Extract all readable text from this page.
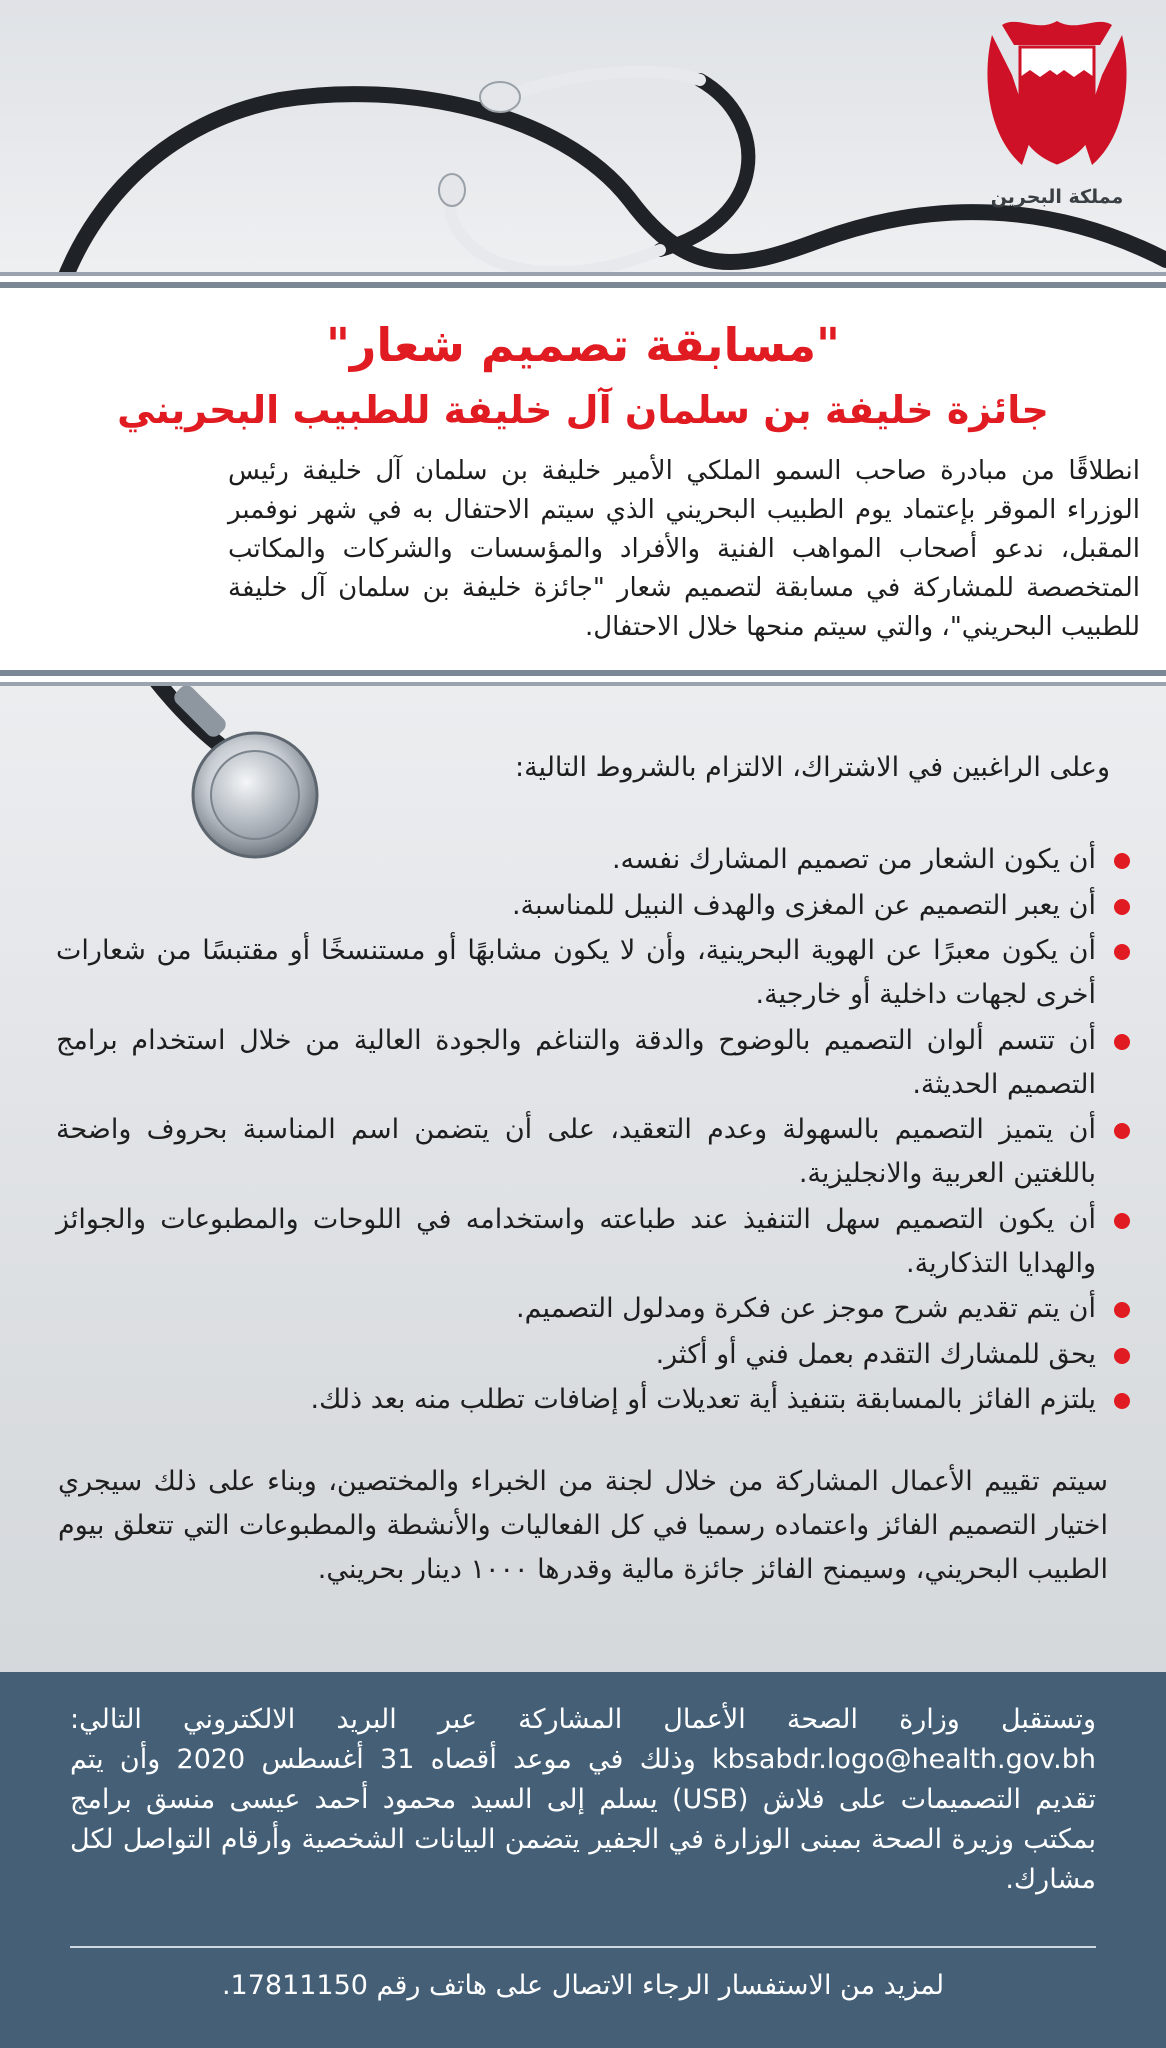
مملكة البحرين
"مسابقة تصميم شعار"
جائزة خليفة بن سلمان آل خليفة للطبيب البحريني
انطلاقًا من مبادرة صاحب السمو الملكي الأمير خليفة بن سلمان آل خليفة رئيس الوزراء الموقر بإعتماد يوم الطبيب البحريني الذي سيتم الاحتفال به في شهر نوفمبر المقبل، ندعو أصحاب المواهب الفنية والأفراد والمؤسسات والشركات والمكاتب المتخصصة للمشاركة في مسابقة لتصميم شعار "جائزة خليفة بن سلمان آل خليفة للطبيب البحريني"، والتي سيتم منحها خلال الاحتفال.
وعلى الراغبين في الاشتراك، الالتزام بالشروط التالية:
أن يكون الشعار من تصميم المشارك نفسه.
أن يعبر التصميم عن المغزى والهدف النبيل للمناسبة.
أن يكون معبرًا عن الهوية البحرينية، وأن لا يكون مشابهًا أو مستنسخًا أو مقتبسًا من شعارات أخرى لجهات داخلية أو خارجية.
أن تتسم ألوان التصميم بالوضوح والدقة والتناغم والجودة العالية من خلال استخدام برامج التصميم الحديثة.
أن يتميز التصميم بالسهولة وعدم التعقيد، على أن يتضمن اسم المناسبة بحروف واضحة باللغتين العربية والانجليزية.
أن يكون التصميم سهل التنفيذ عند طباعته واستخدامه في اللوحات والمطبوعات والجوائز والهدايا التذكارية.
أن يتم تقديم شرح موجز عن فكرة ومدلول التصميم.
يحق للمشارك التقدم بعمل فني أو أكثر.
يلتزم الفائز بالمسابقة بتنفيذ أية تعديلات أو إضافات تطلب منه بعد ذلك.
سيتم تقييم الأعمال المشاركة من خلال لجنة من الخبراء والمختصين، وبناء على ذلك سيجري اختيار التصميم الفائز واعتماده رسميا في كل الفعاليات والأنشطة والمطبوعات التي تتعلق بيوم الطبيب البحريني، وسيمنح الفائز جائزة مالية وقدرها ١٠٠٠ دينار بحريني.
وتستقبل وزارة الصحة الأعمال المشاركة عبر البريد الالكتروني التالي: kbsabdr.logo@health.gov.bh وذلك في موعد أقصاه 31 أغسطس 2020 وأن يتم تقديم التصميمات على فلاش (USB) يسلم إلى السيد محمود أحمد عيسى منسق برامج بمكتب وزيرة الصحة بمبنى الوزارة في الجفير يتضمن البيانات الشخصية وأرقام التواصل لكل مشارك.
لمزيد من الاستفسار الرجاء الاتصال على هاتف رقم 17811150.
